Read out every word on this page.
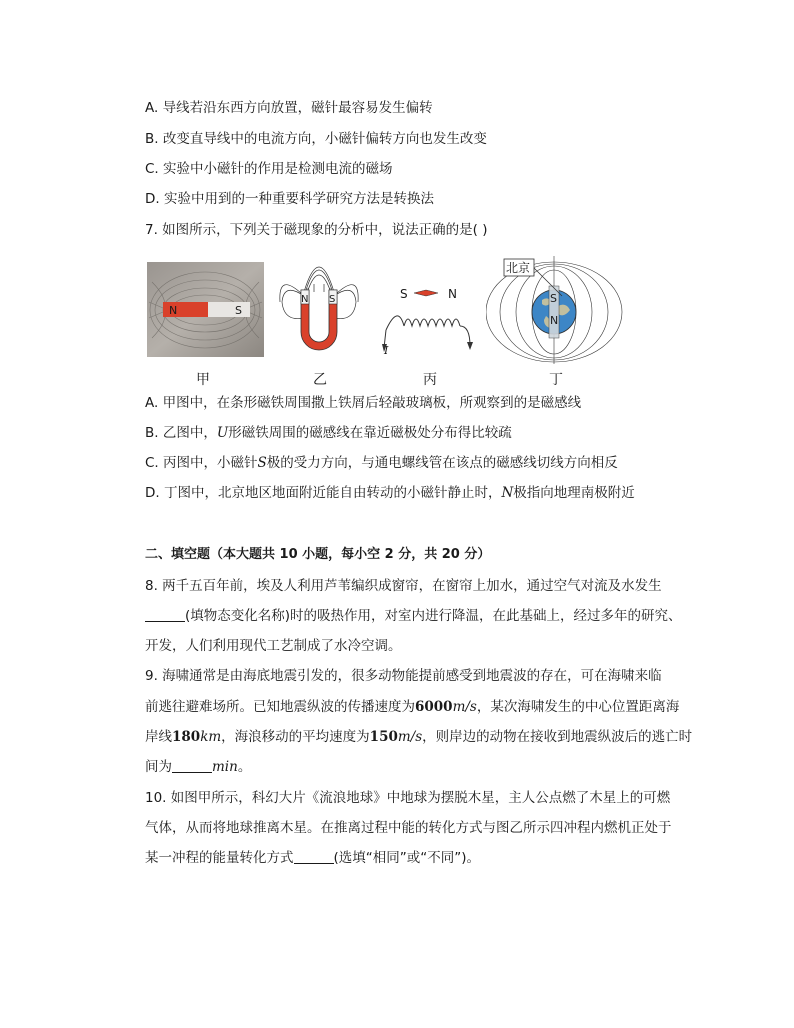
A. 导线若沿东西方向放置，磁针最容易发生偏转
B. 改变直导线中的电流方向，小磁针偏转方向也发生改变
C. 实验中小磁针的作用是检测电流的磁场
D. 实验中用到的一种重要科学研究方法是转换法
7. 如图所示，下列关于磁现象的分析中，说法正确的是( )
N	S
N S	S	N
I
S
N
北京
甲	乙	丙	丁
A. 甲图中，在条形磁铁周围撒上铁屑后轻敲玻璃板，所观察到的是磁感线
B. 乙图中，U形磁铁周围的磁感线在靠近磁极处分布得比较疏
C. 丙图中，小磁针S极的受力方向，与通电螺线管在该点的磁感线切线方向相反
D. 丁图中，北京地区地面附近能自由转动的小磁针静止时，N极指向地理南极附近
二、填空题（本大题共 10 小题，每小空 2 分，共 20 分）
8. 两千五百年前，埃及人利用芦苇编织成窗帘，在窗帘上加水，通过空气对流及水发生
(填物态变化名称)时的吸热作用，对室内进行降温，在此基础上，经过多年的研究、
开发，人们利用现代工艺制成了水冷空调。
9. 海啸通常是由海底地震引发的，很多动物能提前感受到地震波的存在，可在海啸来临
前逃往避难场所。已知地震纵波的传播速度为6000m/s，某次海啸发生的中心位置距离海
岸线180km，海浪移动的平均速度为150m/s，则岸边的动物在接收到地震纵波后的逃亡时
间为	min。
10. 如图甲所示，科幻大片《流浪地球》中地球为摆脱木星，主人公点燃了木星上的可燃
气体，从而将地球推离木星。在推离过程中能的转化方式与图乙所示四冲程内燃机正处于
某一冲程的能量转化方式	(选填“相同”或“不同”)。
